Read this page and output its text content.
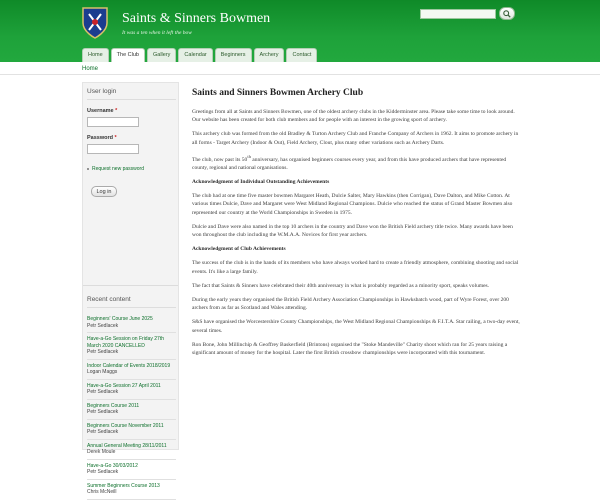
Saints & Sinners Bowmen
It was a ten when it left the bow
Home	The Club	Gallery	Calendar	Beginners	Archery	Contact
Home
User login
Username *
Password *
Request new password
Log in
Recent content
Beginners' Course June 2025
Petr Sedlacek
Have-a-Go Session on Friday 27th March 2020 CANCELLED
Petr Sedlacek
Indoor Calendar of Events 2018/2019
Logan Maggs
Have-a-Go Session 27 April 2011
Petr Sedlacek
Beginners Course 2011
Petr Sedlacek
Beginners Course November 2011
Petr Sedlacek
Annual General Meeting 28/11/2011
Derek Moule
Have-a-Go 30/03/2012
Petr Sedlacek
Summer Beginners Course 2013
Chris McNeill
Saints and Sinners Bowmen Archery Club

Greetings from all at Saints and Sinners Bowmen, one of the oldest archery clubs in the Kidderminster area. Please take some time to look around. Our website has been created for both club members and for people with an interest in the growing sport of archery.

This archery club was formed from the old Bradley & Turton Archery Club and Franche Company of Archers in 1962. It aims to promote archery in all forms - Target Archery (Indoor & Out), Field Archery, Clout, plus many other variations such as Archery Darts.

The club, now past its 50th anniversary, has organised beginners courses every year, and from this have produced archers that have represented county, regional and national organisations.

Acknowledgment of Individual Outstanding Achievements

The club had at one time five master bowmen Margaret Heath, Dulcie Salter, Mary Hawkins (then Corrigan), Dave Dalton, and Mike Cotton. At various times Dulcie, Dave and Margaret were West Midland Regional Champions. Dulcie who reached the status of Grand Master Bowmen also represented our country at the World Championships in Sweden in 1975.

Dulcie and Dave were also named in the top 10 archers in the country and Dave won the British Field archery title twice. Many awards have been won throughout the club including the W.M.A.A. Novices for first year archers.

Acknowledgment of Club Achievements

The success of the club is in the hands of its members who have always worked hard to create a friendly atmosphere, combining shooting and social events. It's like a large family.

The fact that Saints & Sinners have celebrated their 40th anniversary in what is probably regarded as a minority sport, speaks volumes.

During the early years they organised the British Field Archery Association Championships in Hawksbatch wood, part of Wyre Forest, over 200 archers from as far as Scotland and Wales attending.

S&S have organised the Worcestershire County Championships, the West Midland Regional Championships & F.I.T.A. Star railing, a two-day event, several times.

Ron Bone, John Millinchip & Geoffrey Baskerfield (Brintons) organised the "Stoke Mandeville" Charity shoot which ran for 25 years raising a significant amount of money for the hospital. Later the first British crossbow championships were incorporated with this tournament.
